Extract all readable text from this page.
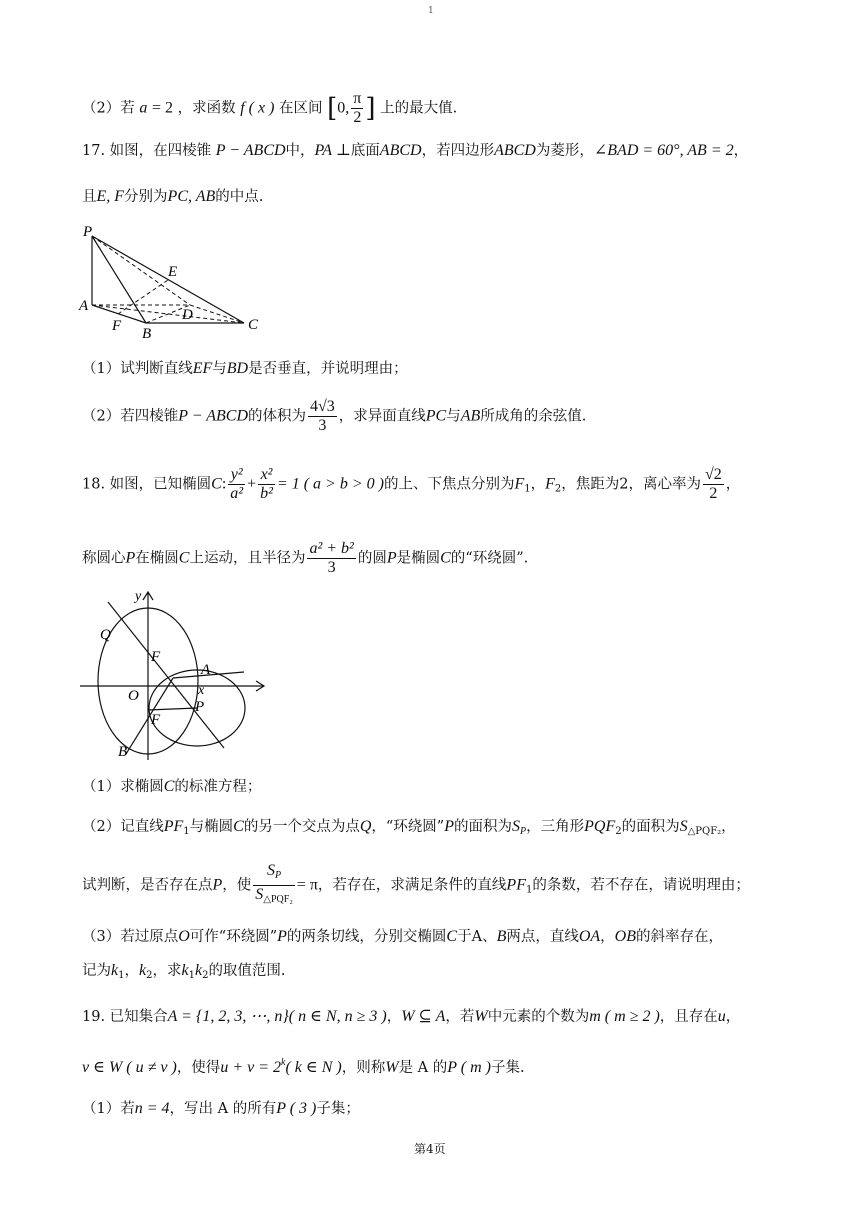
1
（2）若 a = 2 ，求函数 f ( x ) 在区间 [0, $\frac{\pi}{2}$ ] 上的最大值.
17. 如图，在四棱锥 P − ABCD中，PA ⊥底面ABCD，若四边形ABCD为菱形，∠BAD = 60°, AB = 2，
且E, F分别为PC, AB的中点.
P
E
A
D
F B
C
（1）试判断直线EF与BD是否垂直，并说明理由；
（2）若四棱锥P − ABCD的体积为 $\frac{4√3}{3}$ ，求异面直线PC与AB所成角的余弦值.
18. 如图，已知椭圆C: $\frac{\text{y²}}{\text{a²}} + \frac{\text{x²}}{\text{b²}} = 1$ ( a > b > 0 )的上、下焦点分别为$F_1$，$F_2$，焦距为2，离心率为 $\frac{√2}{2}$ ，
称圆心P在椭圆C上运动，且半径为 $\frac{\text{a² + b²}}{3}$ 的圆P是椭圆C的“环绕圆”.
x
y
Q
F
A
O
P
F
B
（1）求椭圆C的标准方程；
（2）记直线$PF_1$与椭圆C的另一个交点为点Q，“环绕圆”P的面积为$S_P$，三角形$PQF_2$的面积为$S_{\triangle PQF_2}$，
试判断，是否存在点P，使 $\frac{SP}{S_{\triangle PQF_2}} = \pi$，若存在，求满足条件的直线$PF_1$的条数，若不存在，请说明理由；
（3）若过原点O可作“环绕圆”P的两条切线，分别交椭圆C于A、B两点，直线OA，OB的斜率存在，
记为$k_1$，$k_2$，求$k_1k_2$的取值范围.
19. 已知集合A = {1, 2, 3, ⋯, n}( n ∈ N, n ≥ 3 )，W ⊆ A，若W中元素的个数为m ( m ≥ 2 )，且存在u，
v ∈ W ( u ≠ v )，使得$u + v = 2^k$( k ∈ N )，则称W是 A 的P ( m )子集.
（1）若n = 4，写出 A 的所有P ( 3 )子集；
第4页
